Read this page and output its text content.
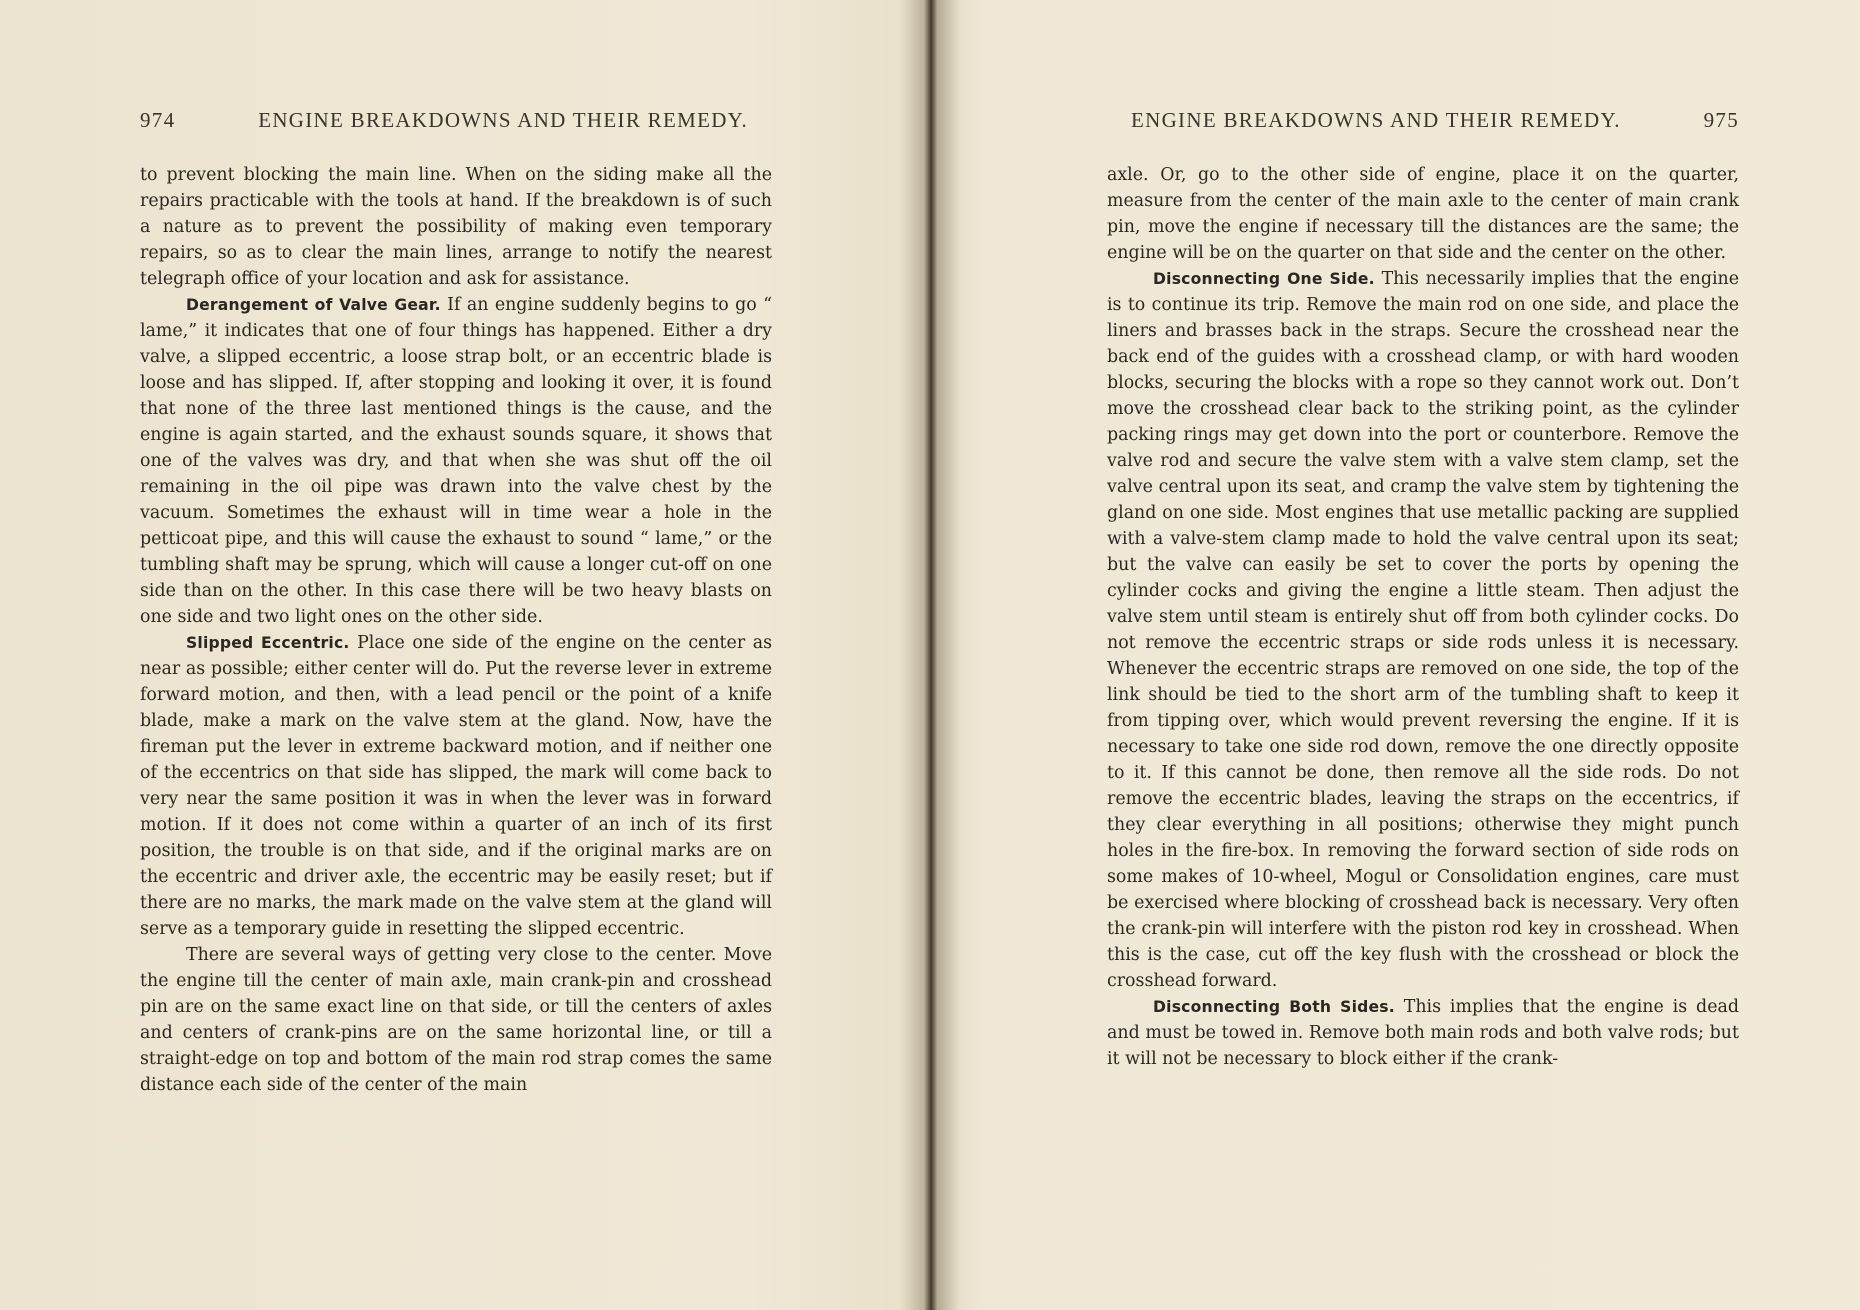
974	ENGINE BREAKDOWNS AND THEIR REMEDY.

to prevent blocking the main line. When on the siding make all the repairs practicable with the tools at hand. If the breakdown is of such a nature as to prevent the possibility of making even temporary repairs, so as to clear the main lines, arrange to notify the nearest telegraph office of your location and ask for assistance.

Derangement of Valve Gear. If an engine suddenly begins to go “ lame,” it indicates that one of four things has happened. Either a dry valve, a slipped eccentric, a loose strap bolt, or an eccentric blade is loose and has slipped. If, after stopping and looking it over, it is found that none of the three last mentioned things is the cause, and the engine is again started, and the exhaust sounds square, it shows that one of the valves was dry, and that when she was shut off the oil remaining in the oil pipe was drawn into the valve chest by the vacuum. Sometimes the exhaust will in time wear a hole in the petticoat pipe, and this will cause the exhaust to sound “ lame,” or the tumbling shaft may be sprung, which will cause a longer cut-off on one side than on the other. In this case there will be two heavy blasts on one side and two light ones on the other side.

Slipped Eccentric. Place one side of the engine on the center as near as possible; either center will do. Put the reverse lever in extreme forward motion, and then, with a lead pencil or the point of a knife blade, make a mark on the valve stem at the gland. Now, have the fireman put the lever in extreme backward motion, and if neither one of the eccentrics on that side has slipped, the mark will come back to very near the same position it was in when the lever was in forward motion. If it does not come within a quarter of an inch of its first position, the trouble is on that side, and if the original marks are on the eccentric and driver axle, the eccentric may be easily reset; but if there are no marks, the mark made on the valve stem at the gland will serve as a temporary guide in resetting the slipped eccentric.

There are several ways of getting very close to the center. Move the engine till the center of main axle, main crank-pin and crosshead pin are on the same exact line on that side, or till the centers of axles and centers of crank-pins are on the same horizontal line, or till a straight-edge on top and bottom of the main rod strap comes the same distance each side of the center of the main

ENGINE BREAKDOWNS AND THEIR REMEDY.	975

axle. Or, go to the other side of engine, place it on the quarter, measure from the center of the main axle to the center of main crank pin, move the engine if necessary till the distances are the same; the engine will be on the quarter on that side and the center on the other.

Disconnecting One Side. This necessarily implies that the engine is to continue its trip. Remove the main rod on one side, and place the liners and brasses back in the straps. Secure the crosshead near the back end of the guides with a crosshead clamp, or with hard wooden blocks, securing the blocks with a rope so they cannot work out. Don’t move the crosshead clear back to the striking point, as the cylinder packing rings may get down into the port or counterbore. Remove the valve rod and secure the valve stem with a valve stem clamp, set the valve central upon its seat, and cramp the valve stem by tightening the gland on one side. Most engines that use metallic packing are supplied with a valve-stem clamp made to hold the valve central upon its seat; but the valve can easily be set to cover the ports by opening the cylinder cocks and giving the engine a little steam. Then adjust the valve stem until steam is entirely shut off from both cylinder cocks. Do not remove the eccentric straps or side rods unless it is necessary. Whenever the eccentric straps are removed on one side, the top of the link should be tied to the short arm of the tumbling shaft to keep it from tipping over, which would prevent reversing the engine. If it is necessary to take one side rod down, remove the one directly opposite to it. If this cannot be done, then remove all the side rods. Do not remove the eccentric blades, leaving the straps on the eccentrics, if they clear everything in all positions; otherwise they might punch holes in the fire-box. In removing the forward section of side rods on some makes of 10-wheel, Mogul or Consolidation engines, care must be exercised where blocking of crosshead back is necessary. Very often the crank-pin will interfere with the piston rod key in crosshead. When this is the case, cut off the key flush with the crosshead or block the crosshead forward.

Disconnecting Both Sides. This implies that the engine is dead and must be towed in. Remove both main rods and both valve rods; but it will not be necessary to block either if the crank-
